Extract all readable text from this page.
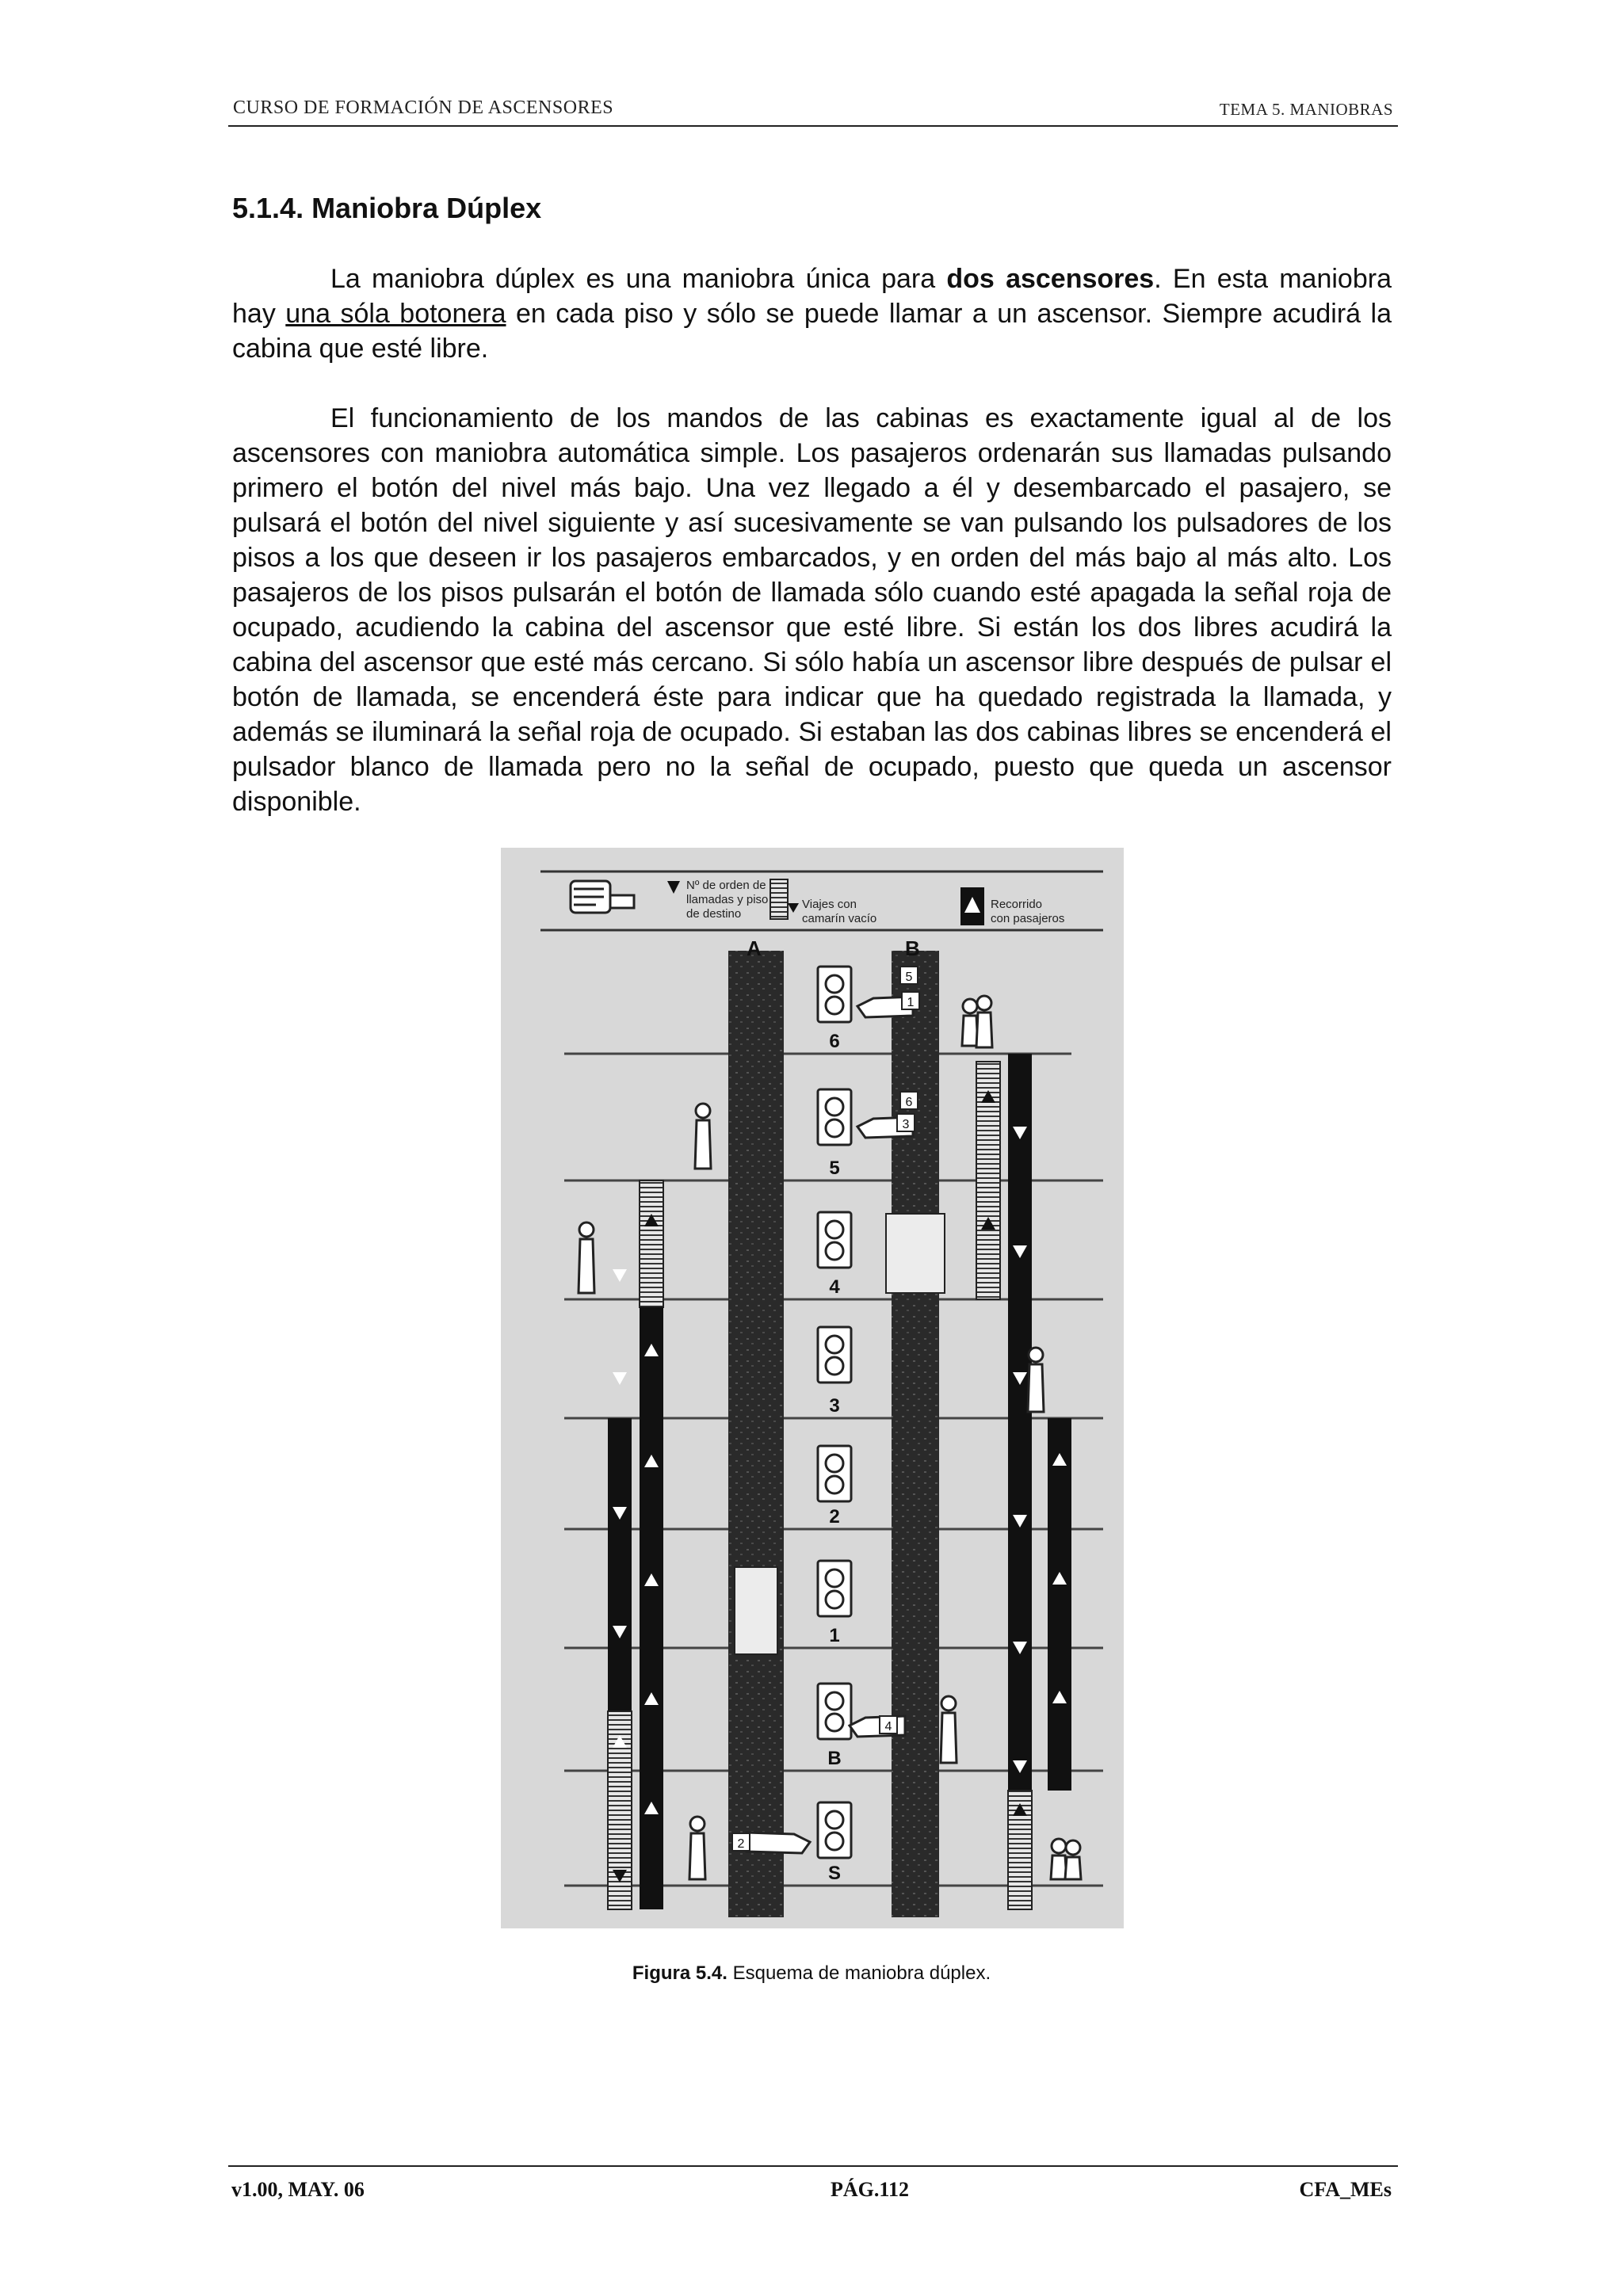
CURSO DE FORMACIÓN DE ASCENSORES	TEMA 5. MANIOBRAS
5.1.4. Maniobra Dúplex

La maniobra dúplex es una maniobra única para dos ascensores. En esta maniobra hay una sóla botonera en cada piso y sólo se puede llamar a un ascensor. Siempre acudirá la cabina que esté libre.

El funcionamiento de los mandos de las cabinas es exactamente igual al de los ascensores con maniobra automática simple. Los pasajeros ordenarán sus llamadas pulsando primero el botón del nivel más bajo. Una vez llegado a él y desembarcado el pasajero, se pulsará el botón del nivel siguiente y así sucesivamente se van pulsando los pulsadores de los pisos a los que deseen ir los pasajeros embarcados, y en orden del más bajo al más alto. Los pasajeros de los pisos pulsarán el botón de llamada sólo cuando esté apagada la señal roja de ocupado, acudiendo la cabina del ascensor que esté libre. Si están los dos libres acudirá la cabina del ascensor que esté más cercano. Si sólo había un ascensor libre después de pulsar el botón de llamada, se encenderá éste para indicar que ha quedado registrada la llamada, y además se iluminará la señal roja de ocupado. Si estaban las dos cabinas libres se encenderá el pulsador blanco de llamada pero no la señal de ocupado, puesto que queda un ascensor disponible.

Nº de orden de
llamadas y piso
de destino
Viajes con
camarín vacío
Recorrido
con pasajeros
A	B
6
5
4
3
2
1
B
S
1
3
4
2
5
6
Figura 5.4. Esquema de maniobra dúplex.
v1.00, MAY. 06	PÁG.112	CFA_MEs
